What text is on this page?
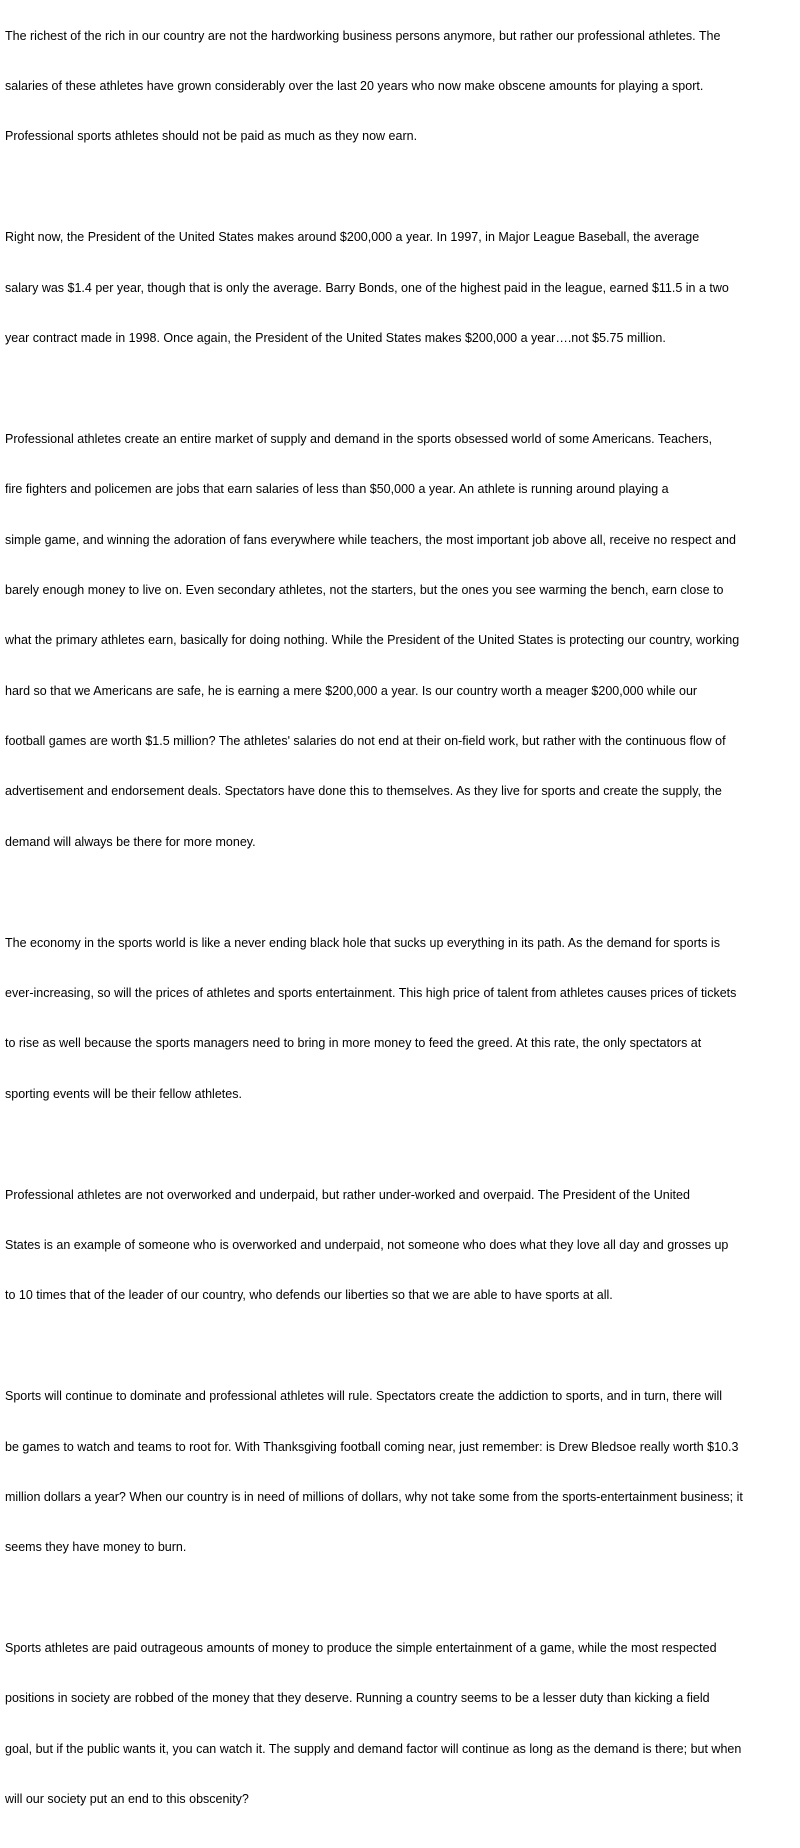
The richest of the rich in our country are not the hardworking business persons anymore, but rather our professional athletes. The

salaries of these athletes have grown considerably over the last 20 years who now make obscene amounts for playing a sport.

Professional sports athletes should not be paid as much as they now earn.

Right now, the President of the United States makes around $200,000 a year. In 1997, in Major League Baseball, the average

salary was $1.4 per year, though that is only the average. Barry Bonds, one of the highest paid in the league, earned $11.5 in a two

year contract made in 1998. Once again, the President of the United States makes $200,000 a year….not $5.75 million.

Professional athletes create an entire market of supply and demand in the sports obsessed world of some Americans. Teachers,

fire fighters and policemen are jobs that earn salaries of less than $50,000 a year. An athlete is running around playing a

simple game, and winning the adoration of fans everywhere while teachers, the most important job above all, receive no respect and

barely enough money to live on. Even secondary athletes, not the starters, but the ones you see warming the bench, earn close to

what the primary athletes earn, basically for doing nothing. While the President of the United States is protecting our country, working

hard so that we Americans are safe, he is earning a mere $200,000 a year. Is our country worth a meager $200,000 while our

football games are worth $1.5 million? The athletes' salaries do not end at their on-field work, but rather with the continuous flow of

advertisement and endorsement deals. Spectators have done this to themselves. As they live for sports and create the supply, the

demand will always be there for more money.

The economy in the sports world is like a never ending black hole that sucks up everything in its path. As the demand for sports is

ever-increasing, so will the prices of athletes and sports entertainment. This high price of talent from athletes causes prices of tickets

to rise as well because the sports managers need to bring in more money to feed the greed. At this rate, the only spectators at

sporting events will be their fellow athletes.

Professional athletes are not overworked and underpaid, but rather under-worked and overpaid. The President of the United

States is an example of someone who is overworked and underpaid, not someone who does what they love all day and grosses up

to 10 times that of the leader of our country, who defends our liberties so that we are able to have sports at all.

Sports will continue to dominate and professional athletes will rule. Spectators create the addiction to sports, and in turn, there will

be games to watch and teams to root for. With Thanksgiving football coming near, just remember: is Drew Bledsoe really worth $10.3

million dollars a year? When our country is in need of millions of dollars, why not take some from the sports-entertainment business; it

seems they have money to burn.

Sports athletes are paid outrageous amounts of money to produce the simple entertainment of a game, while the most respected

positions in society are robbed of the money that they deserve. Running a country seems to be a lesser duty than kicking a field

goal, but if the public wants it, you can watch it. The supply and demand factor will continue as long as the demand is there; but when

will our society put an end to this obscenity?
